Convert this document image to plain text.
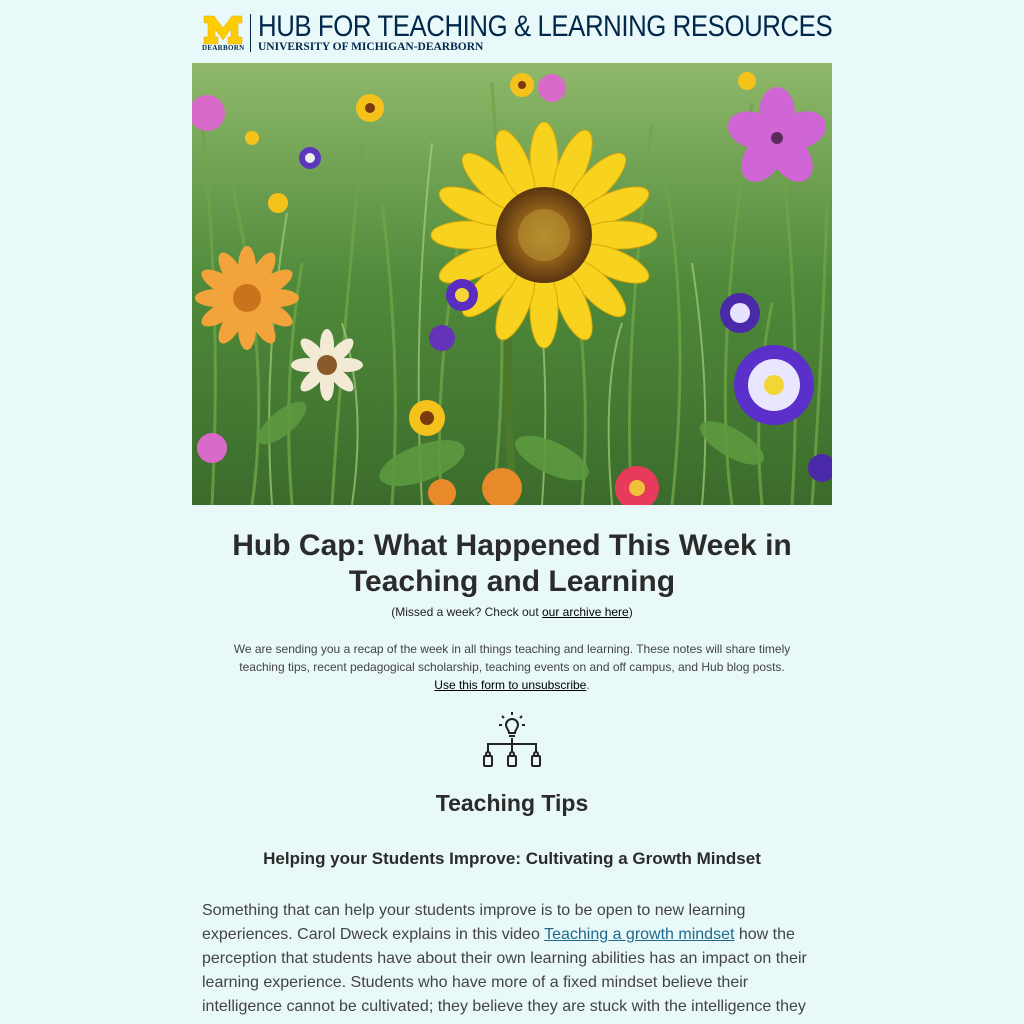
DEARBORN
HUB FOR TEACHING & LEARNING RESOURCES
UNIVERSITY OF MICHIGAN-DEARBORN
Hub Cap: What Happened This Week in Teaching and Learning
(Missed a week? Check out our archive here)
We are sending you a recap of the week in all things teaching and learning. These notes will share timely teaching tips, recent pedagogical scholarship, teaching events on and off campus, and Hub blog posts. Use this form to unsubscribe.
Teaching Tips
Helping your Students Improve: Cultivating a Growth Mindset
Something that can help your students improve is to be open to new learning experiences. Carol Dweck explains in this video Teaching a growth mindset how the perception that students have about their own learning abilities has an impact on their learning experience. Students who have more of a fixed mindset believe their intelligence cannot be cultivated; they believe they are stuck with the intelligence they
